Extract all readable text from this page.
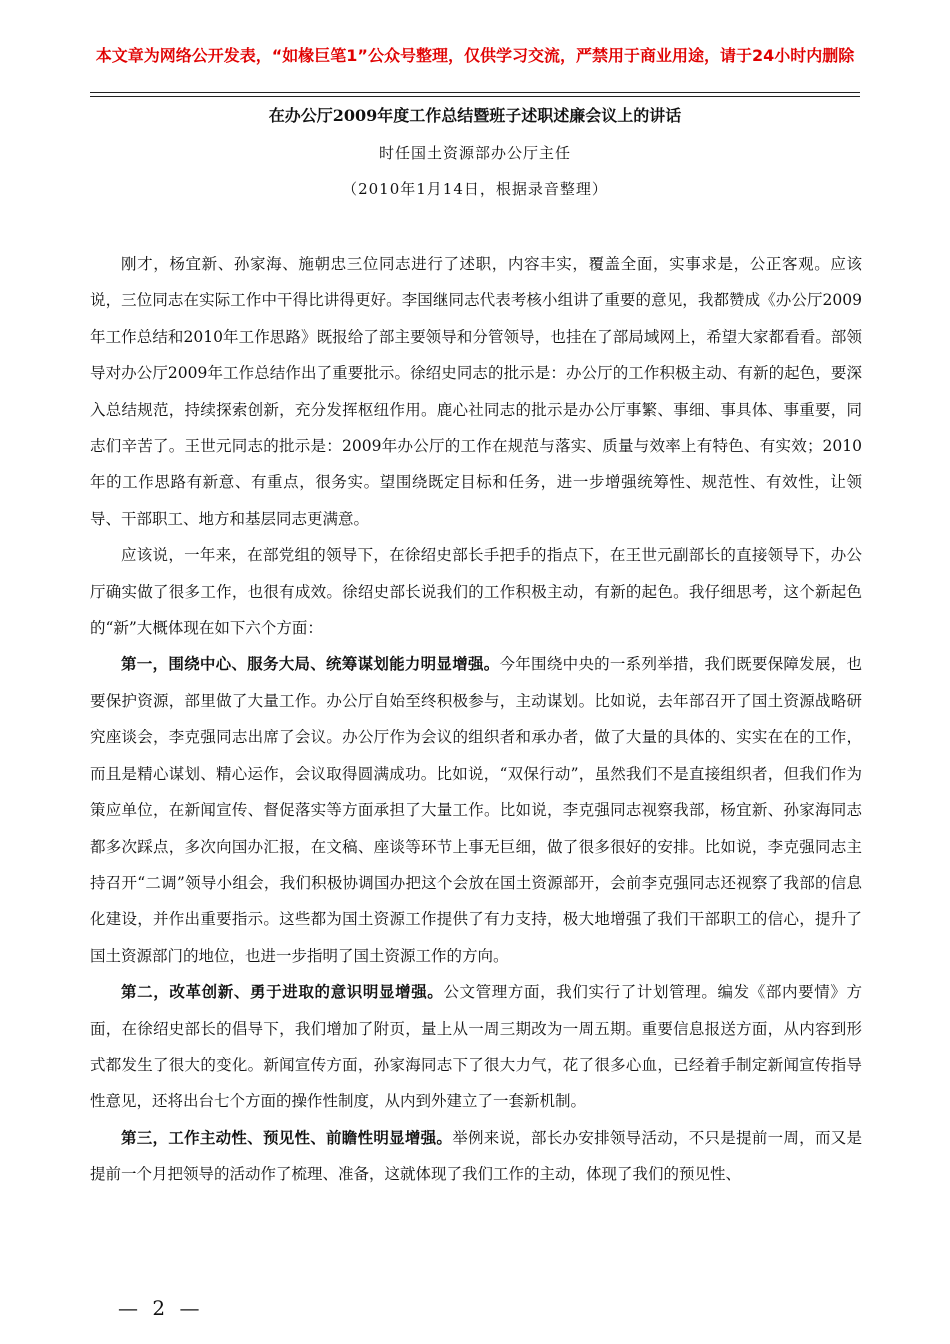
本文章为网络公开发表，“如椽巨笔1”公众号整理，仅供学习交流，严禁用于商业用途，请于24小时内删除
在办公厅2009年度工作总结暨班子述职述廉会议上的讲话
时任国土资源部办公厅主任
（2010年1月14日，根据录音整理）

刚才，杨宜新、孙家海、施朝忠三位同志进行了述职，内容丰实，覆盖全面，实事求是，公正客观。应该说，三位同志在实际工作中干得比讲得更好。李国继同志代表考核小组讲了重要的意见，我都赞成《办公厅2009年工作总结和2010年工作思路》既报给了部主要领导和分管领导，也挂在了部局域网上，希望大家都看看。部领导对办公厅2009年工作总结作出了重要批示。徐绍史同志的批示是：办公厅的工作积极主动、有新的起色，要深入总结规范，持续探索创新，充分发挥枢纽作用。鹿心社同志的批示是办公厅事繁、事细、事具体、事重要，同志们辛苦了。王世元同志的批示是：2009年办公厅的工作在规范与落实、质量与效率上有特色、有实效；2010年的工作思路有新意、有重点，很务实。望围绕既定目标和任务，进一步增强统筹性、规范性、有效性，让领导、干部职工、地方和基层同志更满意。

应该说，一年来，在部党组的领导下，在徐绍史部长手把手的指点下，在王世元副部长的直接领导下，办公厅确实做了很多工作，也很有成效。徐绍史部长说我们的工作积极主动，有新的起色。我仔细思考，这个新起色的“新”大概体现在如下六个方面：

第一，围绕中心、服务大局、统筹谋划能力明显增强。今年围绕中央的一系列举措，我们既要保障发展，也要保护资源，部里做了大量工作。办公厅自始至终积极参与，主动谋划。比如说，去年部召开了国土资源战略研究座谈会，李克强同志出席了会议。办公厅作为会议的组织者和承办者，做了大量的具体的、实实在在的工作，而且是精心谋划、精心运作，会议取得圆满成功。比如说，“双保行动”，虽然我们不是直接组织者，但我们作为策应单位，在新闻宣传、督促落实等方面承担了大量工作。比如说，李克强同志视察我部，杨宜新、孙家海同志都多次踩点，多次向国办汇报，在文稿、座谈等环节上事无巨细，做了很多很好的安排。比如说，李克强同志主持召开“二调”领导小组会，我们积极协调国办把这个会放在国土资源部开，会前李克强同志还视察了我部的信息化建设，并作出重要指示。这些都为国土资源工作提供了有力支持，极大地增强了我们干部职工的信心，提升了国土资源部门的地位，也进一步指明了国土资源工作的方向。

第二，改革创新、勇于进取的意识明显增强。公文管理方面，我们实行了计划管理。编发《部内要情》方面，在徐绍史部长的倡导下，我们增加了附页，量上从一周三期改为一周五期。重要信息报送方面，从内容到形式都发生了很大的变化。新闻宣传方面，孙家海同志下了很大力气，花了很多心血，已经着手制定新闻宣传指导性意见，还将出台七个方面的操作性制度，从内到外建立了一套新机制。

第三，工作主动性、预见性、前瞻性明显增强。举例来说，部长办安排领导活动，不只是提前一周，而又是提前一个月把领导的活动作了梳理、准备，这就体现了我们工作的主动，体现了我们的预见性、

— 2 —
